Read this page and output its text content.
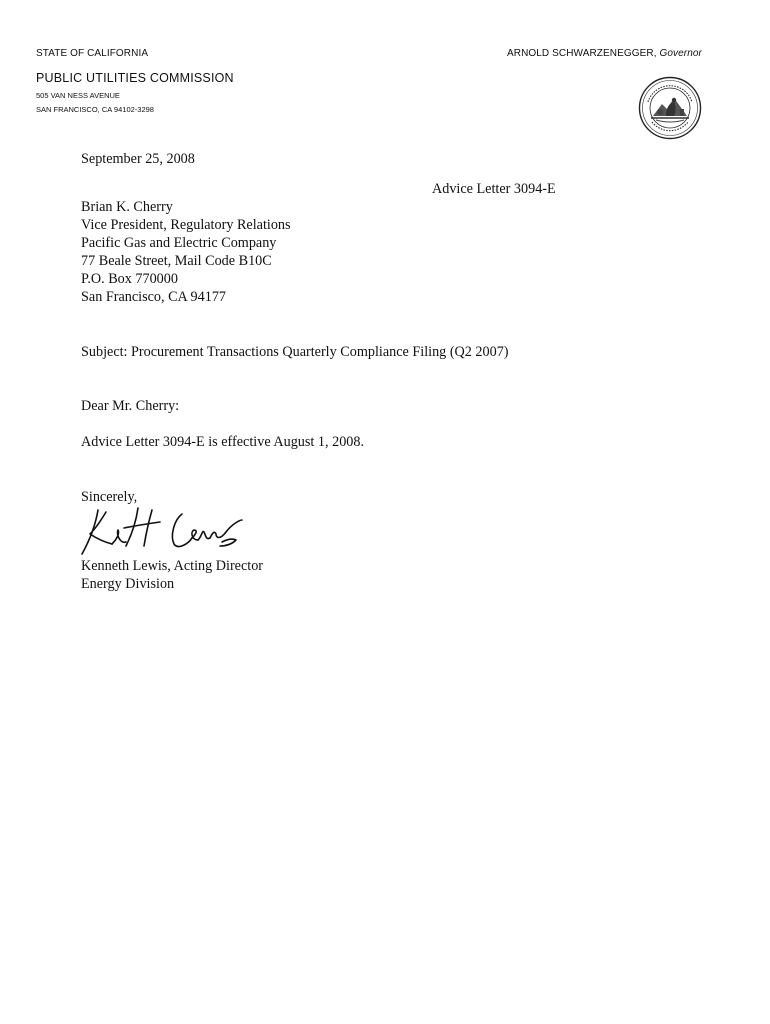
STATE OF CALIFORNIA	ARNOLD SCHWARZENEGGER, Governor
PUBLIC UTILITIES COMMISSION
505 VAN NESS AVENUE
SAN FRANCISCO, CA 94102-3298
September 25, 2008
Advice Letter 3094-E
Brian K. Cherry
Vice President, Regulatory Relations
Pacific Gas and Electric Company
77 Beale Street, Mail Code B10C
P.O. Box 770000
San Francisco, CA 94177
Subject: Procurement Transactions Quarterly Compliance Filing (Q2 2007)
Dear Mr. Cherry:
Advice Letter 3094-E is effective August 1, 2008.
Sincerely,
Kenneth Lewis, Acting Director
Energy Division
